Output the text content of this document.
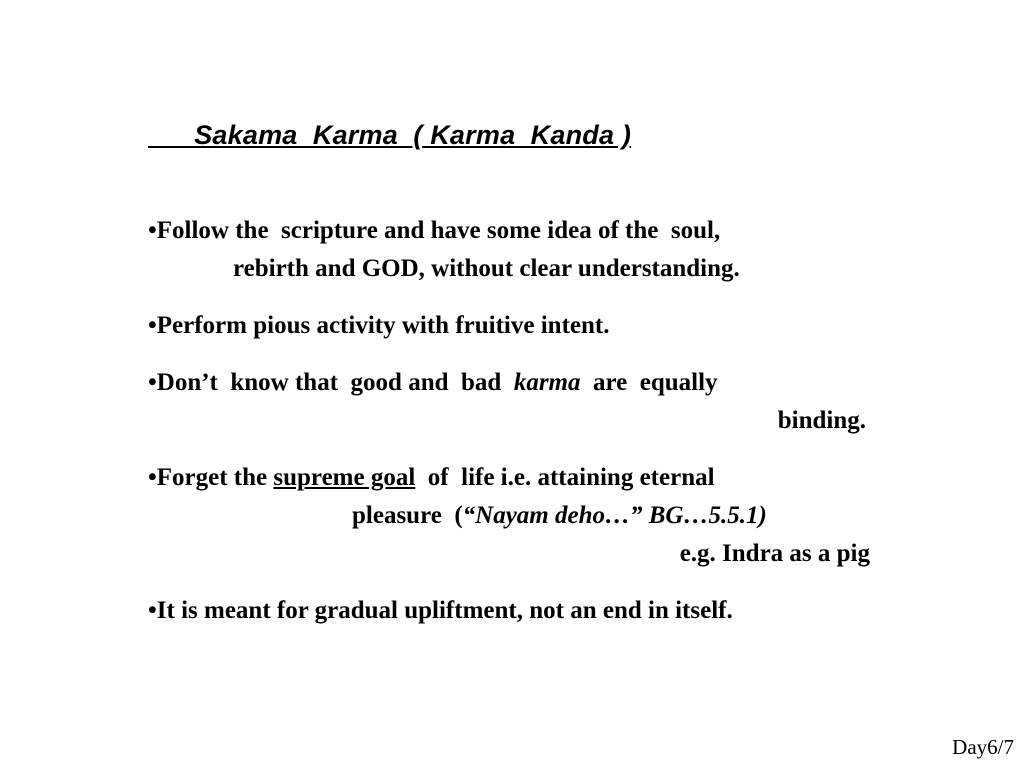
Sakama  Karma  ( Karma  Kanda )
•Follow the  scripture and have some idea of the  soul,
rebirth and GOD, without clear understanding.
•Perform pious activity with fruitive intent.
•Don’t  know that  good and  bad  karma  are  equally
binding.
•Forget the supreme goal  of  life i.e. attaining eternal
pleasure  (“Nayam deho…” BG…5.5.1)
e.g. Indra as a pig
•It is meant for gradual upliftment, not an end in itself.
Day6/7
